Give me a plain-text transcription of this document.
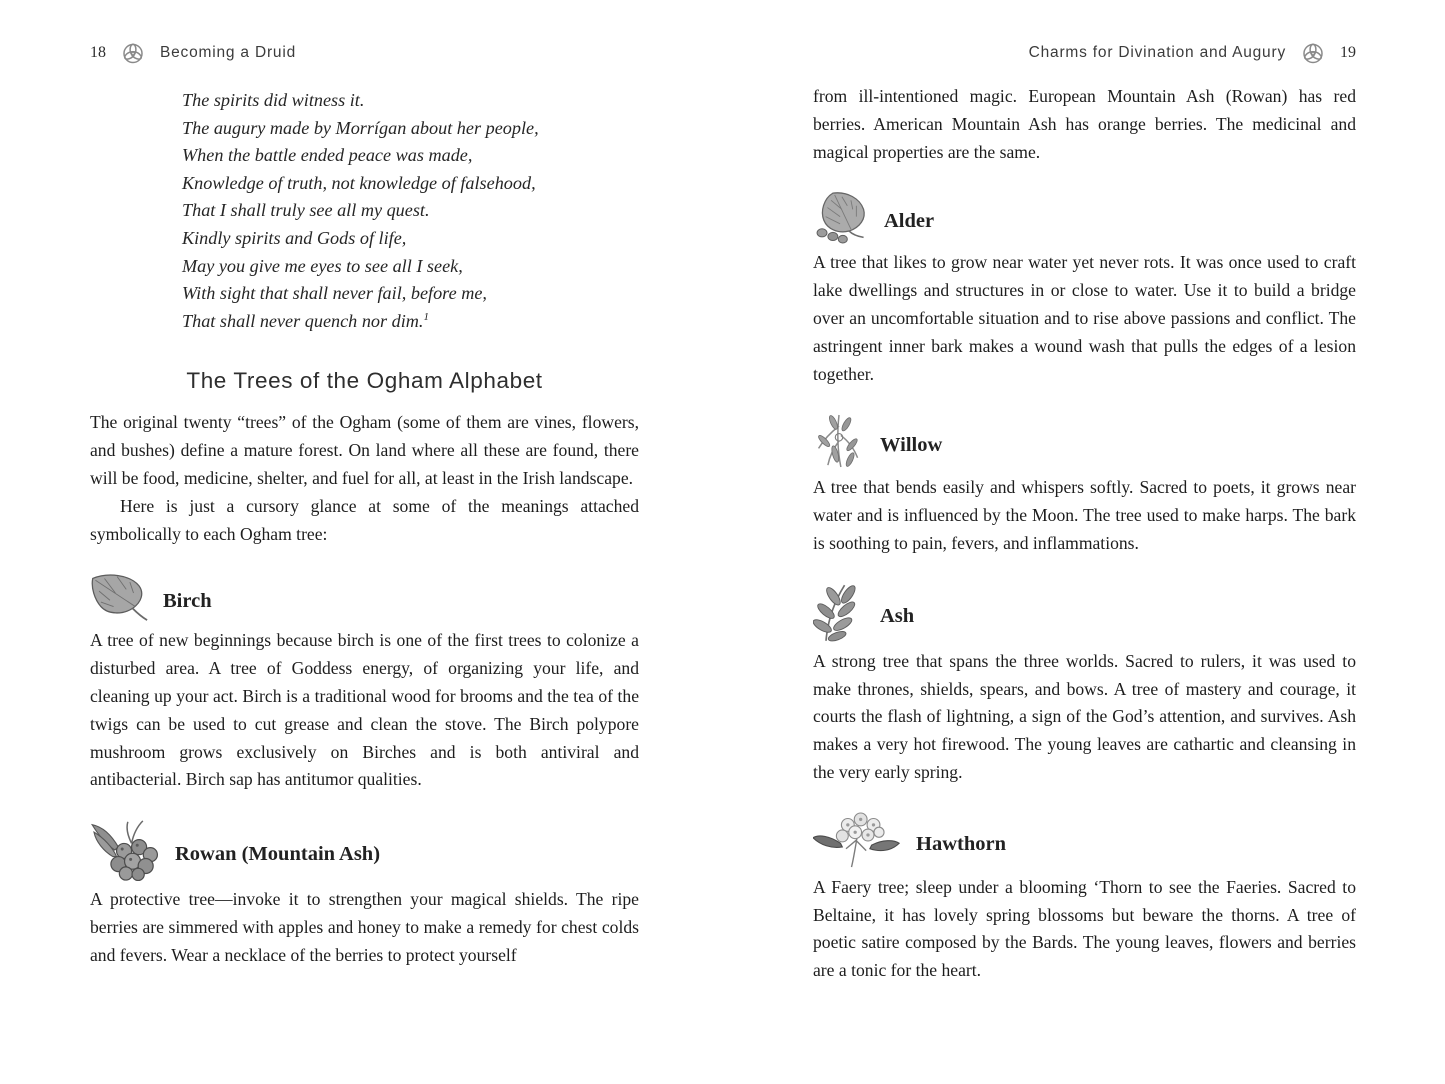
18	Becoming a Druid
The spirits did witness it.
The augury made by Morrígan about her people,
When the battle ended peace was made,
Knowledge of truth, not knowledge of falsehood,
That I shall truly see all my quest.
Kindly spirits and Gods of life,
May you give me eyes to see all I seek,
With sight that shall never fail, before me,
That shall never quench nor dim.$^1$
The Trees of the Ogham Alphabet

The original twenty “trees” of the Ogham (some of them are vines, flowers, and bushes) define a mature forest. On land where all these are found, there will be food, medicine, shelter, and fuel for all, at least in the Irish landscape.

Here is just a cursory glance at some of the meanings attached symbolically to each Ogham tree:

Birch

A tree of new beginnings because birch is one of the first trees to colonize a disturbed area. A tree of Goddess energy, of organizing your life, and cleaning up your act. Birch is a traditional wood for brooms and the tea of the twigs can be used to cut grease and clean the stove. The Birch polypore mushroom grows exclusively on Birches and is both antiviral and antibacterial. Birch sap has antitumor qualities.

Rowan (Mountain Ash)

A protective tree—invoke it to strengthen your magical shields. The ripe berries are simmered with apples and honey to make a remedy for chest colds and fevers. Wear a necklace of the berries to protect yourself

Charms for Divination and Augury	19

from ill-intentioned magic. European Mountain Ash (Rowan) has red berries. American Mountain Ash has orange berries. The medicinal and magical properties are the same.

Alder

A tree that likes to grow near water yet never rots. It was once used to craft lake dwellings and structures in or close to water. Use it to build a bridge over an uncomfortable situation and to rise above passions and conflict. The astringent inner bark makes a wound wash that pulls the edges of a lesion together.

Willow

A tree that bends easily and whispers softly. Sacred to poets, it grows near water and is influenced by the Moon. The tree used to make harps. The bark is soothing to pain, fevers, and inflammations.

Ash

A strong tree that spans the three worlds. Sacred to rulers, it was used to make thrones, shields, spears, and bows. A tree of mastery and courage, it courts the flash of lightning, a sign of the God’s attention, and survives. Ash makes a very hot firewood. The young leaves are cathartic and cleansing in the very early spring.

Hawthorn

A Faery tree; sleep under a blooming ‘Thorn to see the Faeries. Sacred to Beltaine, it has lovely spring blossoms but beware the thorns. A tree of poetic satire composed by the Bards. The young leaves, flowers and berries are a tonic for the heart.
